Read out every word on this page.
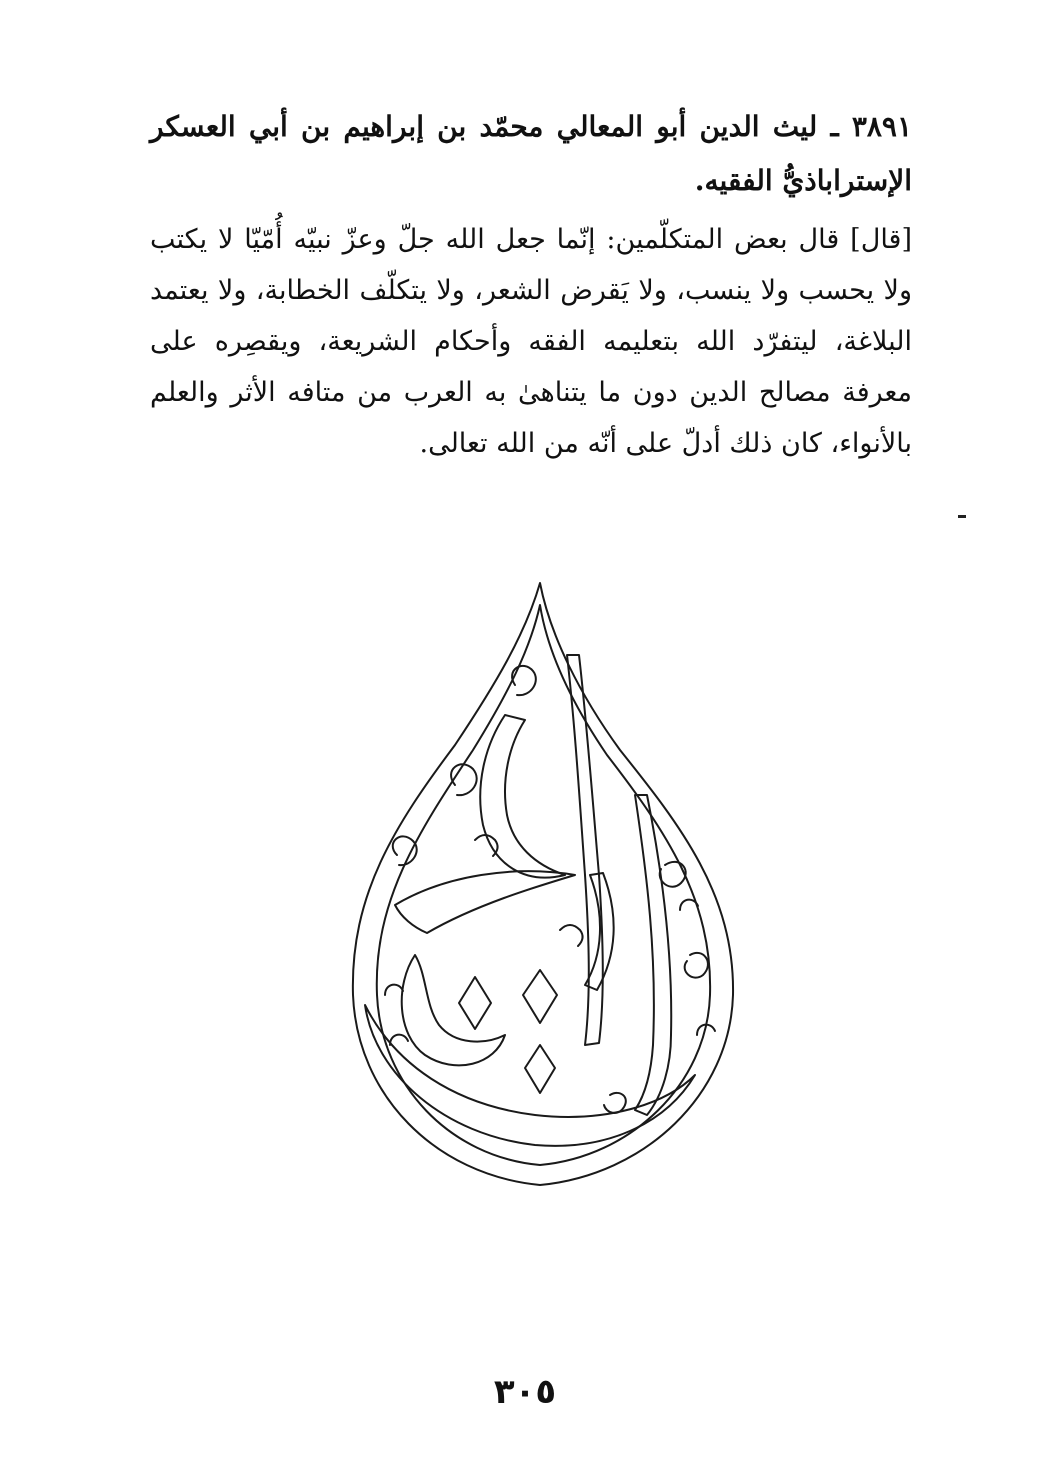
٣٨٩١ ـ ليث الدين أبو المعالي محمّد بن إبراهيم بن أبي العسكر الإستراباذيُّ الفقيه.

[قال] قال بعض المتكلّمين: إنّما جعل الله جلّ وعزّ نبيّه أُمّيّا لا يكتب ولا يحسب ولا ينسب، ولا يَقرض الشعر، ولا يتكلّف الخطابة، ولا يعتمد البلاغة، ليتفرّد الله بتعليمه الفقه وأحكام الشريعة، ويقصِره على معرفة مصالح الدين دون ما يتناهىٰ به العرب من متافه الأثر والعلم بالأنواء، كان ذلك أدلّ على أنّه من الله تعالى.

٣٠٥
